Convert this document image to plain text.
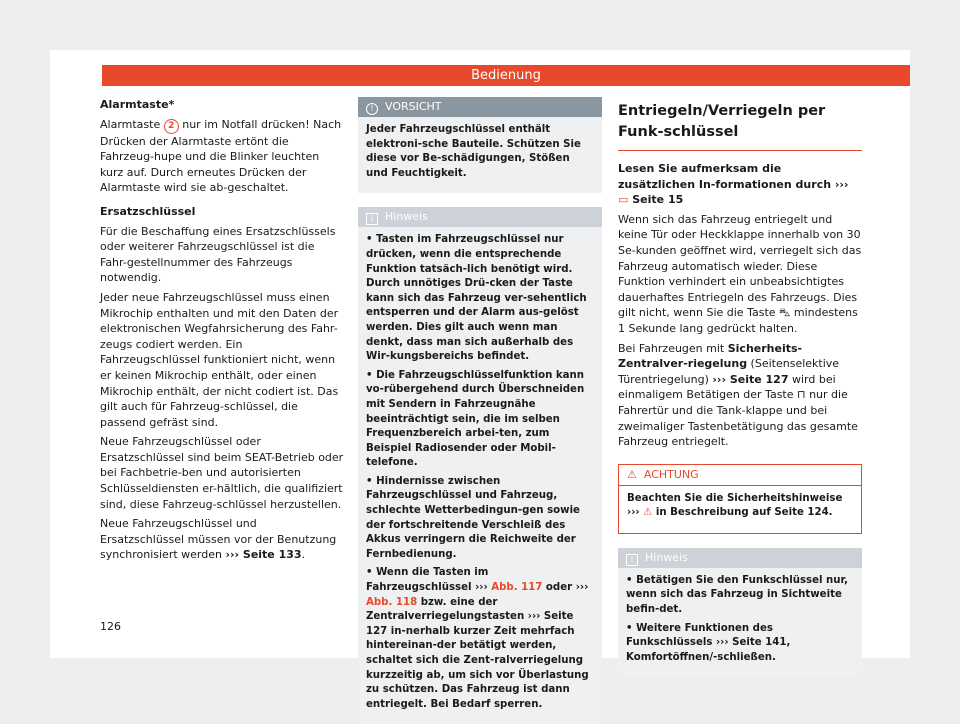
Bedienung

Alarmtaste*

Alarmtaste 2 nur im Notfall drücken! Nach Drücken der Alarmtaste ertönt die Fahrzeug-hupe und die Blinker leuchten kurz auf. Durch erneutes Drücken der Alarmtaste wird sie ab-geschaltet.

Ersatzschlüssel

Für die Beschaffung eines Ersatzschlüssels oder weiterer Fahrzeugschlüssel ist die Fahr-gestellnummer des Fahrzeugs notwendig.

Jeder neue Fahrzeugschlüssel muss einen Mikrochip enthalten und mit den Daten der elektronischen Wegfahrsicherung des Fahr-zeugs codiert werden. Ein Fahrzeugschlüssel funktioniert nicht, wenn er keinen Mikrochip enthält, oder einen Mikrochip enthält, der nicht codiert ist. Das gilt auch für Fahrzeug-schlüssel, die passend gefräst sind.

Neue Fahrzeugschlüssel oder Ersatzschlüssel sind beim SEAT-Betrieb oder bei Fachbetrie-ben und autorisierten Schlüsseldiensten er-hältlich, die qualifiziert sind, diese Fahrzeug-schlüssel herzustellen.

Neue Fahrzeugschlüssel und Ersatzschlüssel müssen vor der Benutzung synchronisiert werden ››› Seite 133.

! VORSICHT

Jeder Fahrzeugschlüssel enthält elektroni-sche Bauteile. Schützen Sie diese vor Be-schädigungen, Stößen und Feuchtigkeit.

i Hinweis

• Tasten im Fahrzeugschlüssel nur drücken, wenn die entsprechende Funktion tatsäch-lich benötigt wird. Durch unnötiges Drü-cken der Taste kann sich das Fahrzeug ver-sehentlich entsperren und der Alarm aus-gelöst werden. Dies gilt auch wenn man denkt, dass man sich außerhalb des Wir-kungsbereichs befindet.

• Die Fahrzeugschlüsselfunktion kann vo-rübergehend durch Überschneiden mit Sendern in Fahrzeugnähe beeinträchtigt sein, die im selben Frequenzbereich arbei-ten, zum Beispiel Radiosender oder Mobil-telefone.

• Hindernisse zwischen Fahrzeugschlüssel und Fahrzeug, schlechte Wetterbedingun-gen sowie der fortschreitende Verschleiß des Akkus verringern die Reichweite der Fernbedienung.

• Wenn die Tasten im Fahrzeugschlüssel ››› Abb. 117 oder ››› Abb. 118 bzw. eine der Zentralverriegelungstasten ››› Seite 127 in-nerhalb kurzer Zeit mehrfach hintereinan-der betätigt werden, schaltet sich die Zent-ralverriegelung kurzzeitig ab, um sich vor Überlastung zu schützen. Das Fahrzeug ist dann entriegelt. Bei Bedarf sperren.

Entriegeln/Verriegeln per Funk-schlüssel

Lesen Sie aufmerksam die zusätzlichen In-formationen durch ››› ▭ Seite 15

Wenn sich das Fahrzeug entriegelt und keine Tür oder Heckklappe innerhalb von 30 Se-kunden geöffnet wird, verriegelt sich das Fahrzeug automatisch wieder. Diese Funktion verhindert ein unbeabsichtigtes dauerhaftes Entriegeln des Fahrzeugs. Dies gilt nicht, wenn Sie die Taste ⛍ mindestens 1 Sekunde lang gedrückt halten.

Bei Fahrzeugen mit Sicherheits-Zentralver-riegelung (Seitenselektive Türentriegelung) ››› Seite 127 wird bei einmaligem Betätigen der Taste ⊓ nur die Fahrertür und die Tank-klappe und bei zweimaliger Tastenbetätigung das gesamte Fahrzeug entriegelt.

⚠ ACHTUNG

Beachten Sie die Sicherheitshinweise ››› ⚠ in Beschreibung auf Seite 124.

i Hinweis

• Betätigen Sie den Funkschlüssel nur, wenn sich das Fahrzeug in Sichtweite befin-det.

• Weitere Funktionen des Funkschlüssels ››› Seite 141, Komfortöffnen/-schließen.

126
